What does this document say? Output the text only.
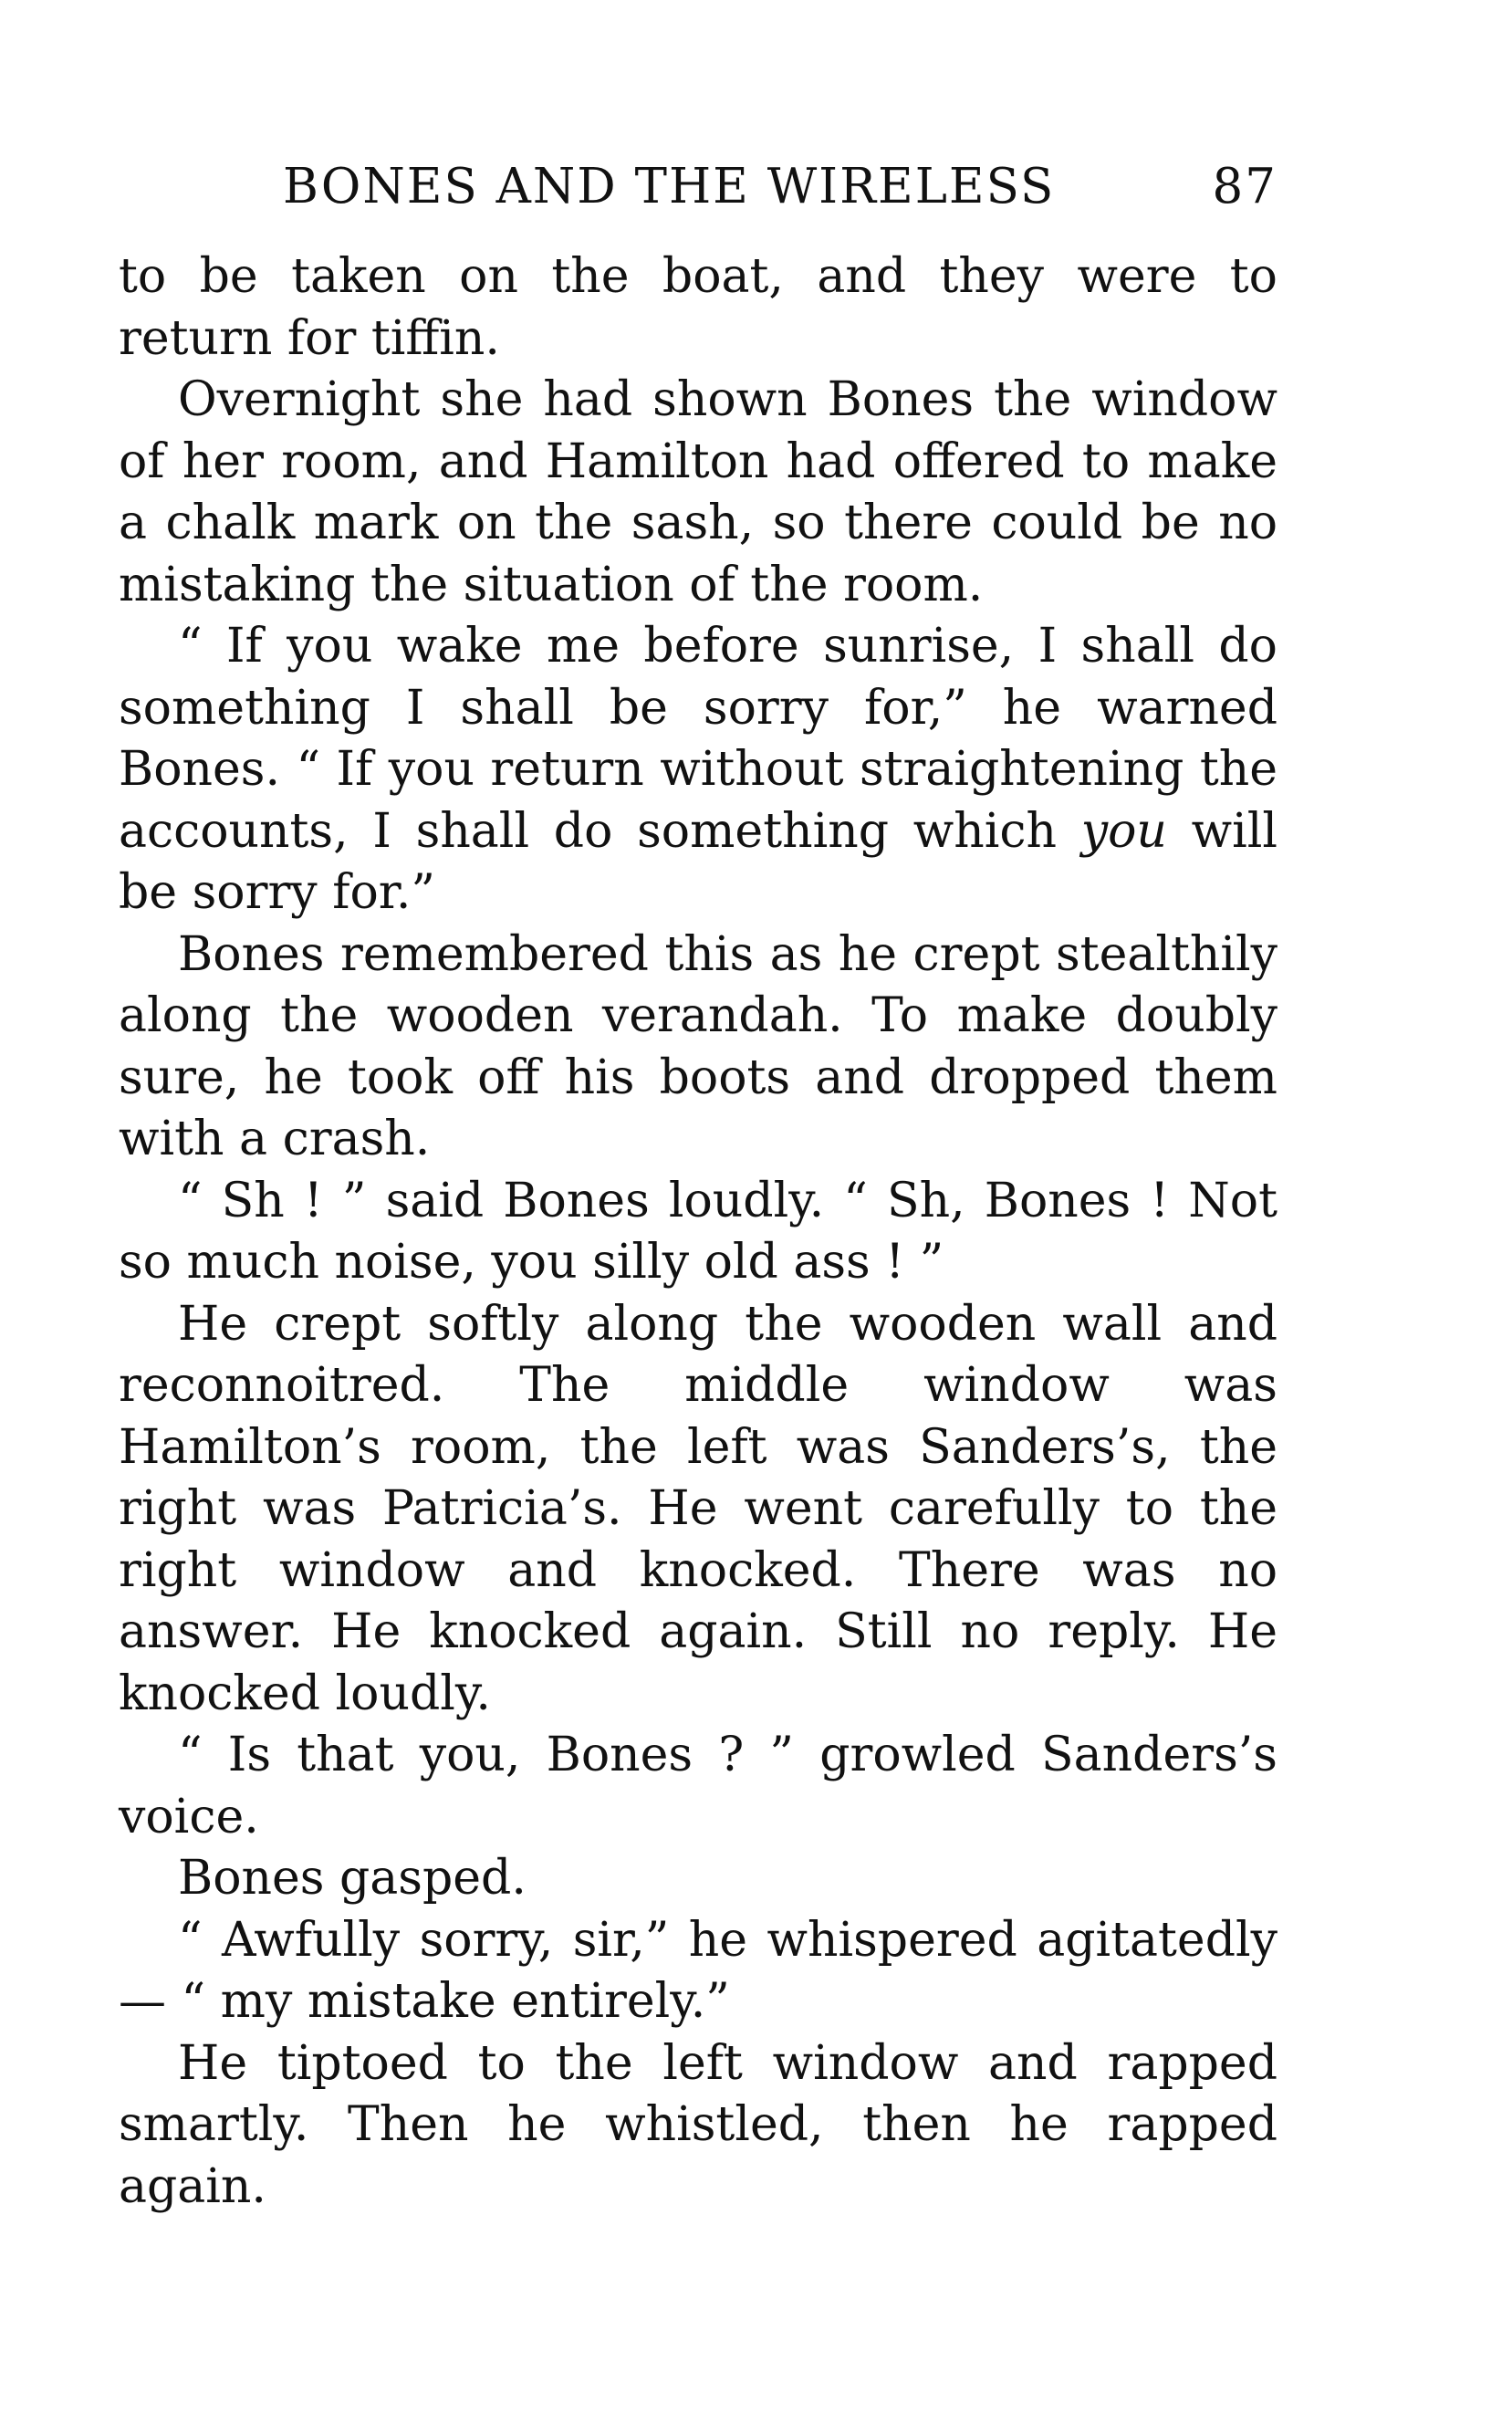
BONES AND THE WIRELESS	87

to be taken on the boat, and they were to return for tiffin.

Overnight she had shown Bones the window of her room, and Hamilton had offered to make a chalk mark on the sash, so there could be no mistaking the situation of the room.

“ If you wake me before sunrise, I shall do something I shall be sorry for,” he warned Bones. “ If you return without straightening the accounts, I shall do something which you will be sorry for.”

Bones remembered this as he crept stealthily along the wooden verandah. To make doubly sure, he took off his boots and dropped them with a crash.

“ Sh ! ” said Bones loudly. “ Sh, Bones ! Not so much noise, you silly old ass ! ”

He crept softly along the wooden wall and reconnoitred. The middle window was Hamilton’s room, the left was Sanders’s, the right was Patricia’s. He went carefully to the right window and knocked. There was no answer. He knocked again. Still no reply. He knocked loudly.

“ Is that you, Bones ? ” growled Sanders’s voice.

Bones gasped.

“ Awfully sorry, sir,” he whispered agitatedly— “ my mistake entirely.”

He tiptoed to the left window and rapped smartly. Then he whistled, then he rapped again.
